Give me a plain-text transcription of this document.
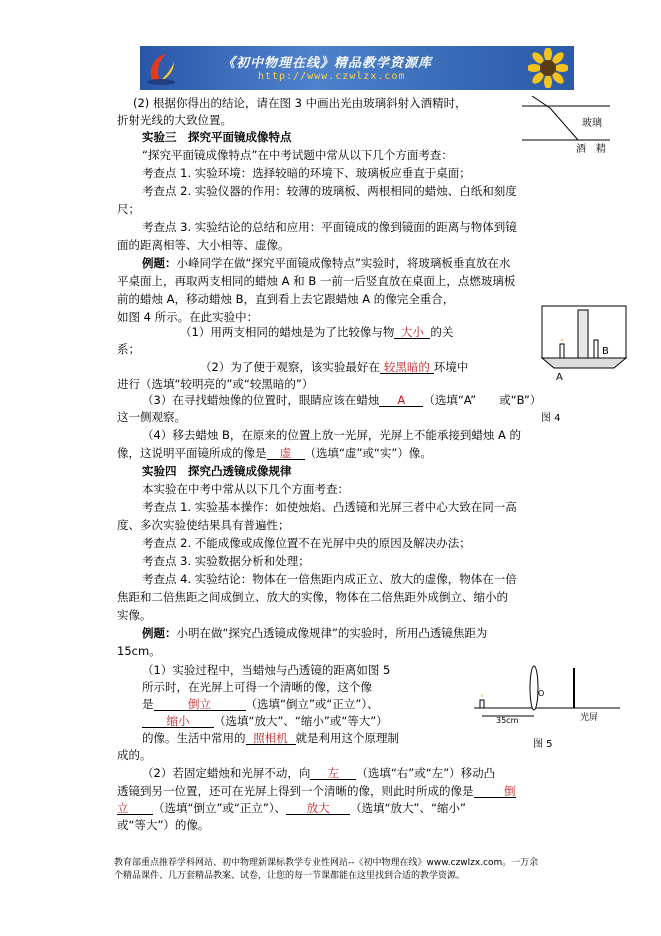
《初中物理在线》精品教学资源库
http://www.czwlzx.com
(2) 根据你得出的结论，请在图 3 中画出光由玻璃斜射入酒精时，
折射光线的大致位置。
实验三　探究平面镜成像特点
“探究平面镜成像特点”在中考试题中常从以下几个方面考查：
考查点 1. 实验环境：选择较暗的环境下、玻璃板应垂直于桌面；
考查点 2. 实验仪器的作用：较薄的玻璃板、两根相同的蜡烛、白纸和刻度
尺；
考查点 3. 实验结论的总结和应用：平面镜成的像到镜面的距离与物体到镜
面的距离相等、大小相等、虚像。
例题：小峰同学在做“探究平面镜成像特点”实验时，将玻璃板垂直放在水
平桌面上，再取两支相同的蜡烛 A 和 B 一前一后竖直放在桌面上，点燃玻璃板
前的蜡烛 A，移动蜡烛 B，直到看上去它跟蜡烛 A 的像完全重合，
如图 4 所示。在此实验中：
（1）用两支相同的蜡烛是为了比较像与物 大小 的关
系；
（2）为了便于观察，该实验最好在 较黑暗的 环境中
进行（选填“较明亮的”或“较黑暗的”）
（3）在寻找蜡烛像的位置时，眼睛应该在蜡烛 A （选填“A”　　或“B”）
这一侧观察。
（4）移去蜡烛 B，在原来的位置上放一光屏，光屏上不能承接到蜡烛 A 的
像，这说明平面镜所成的像是 虚 （选填“虚”或“实”）像。
实验四　探究凸透镜成像规律
本实验在中考中常从以下几个方面考查：
考查点 1. 实验基本操作：如使烛焰、凸透镜和光屏三者中心大致在同一高
度、多次实验使结果具有普遍性；
考查点 2. 不能成像或成像位置不在光屏中央的原因及解决办法；
考查点 3. 实验数据分析和处理；
考查点 4. 实验结论：物体在一倍焦距内成正立、放大的虚像，物体在一倍
焦距和二倍焦距之间成倒立、放大的实像，物体在二倍焦距外成倒立、缩小的
实像。
例题：小明在做“探究凸透镜成像规律”的实验时，所用凸透镜焦距为
15cm。
（1）实验过程中，当蜡烛与凸透镜的距离如图 5
所示时，在光屏上可得一个清晰的像，这个像
是	倒立	（选填“倒立”或“正立”）、
缩小 （选填“放大”、“缩小”或“等大”）
的像。生活中常用的 照相机 就是利用这个原理制
成的。
（2）若固定蜡烛和光屏不动，向 左 （选填“右”或“左”）移动凸
透镜到另一位置，还可在光屏上得到一个清晰的像，则此时所成的像是	倒
立 （选填“倒立”或“正立”）、 放大 （选填“放大”、“缩小”
或“等大”）的像。
玻璃
酒　精
A
B
图 4
35cm
O
光屏
图 5
教育部重点推荐学科网站、初中物理新课标教学专业性网站--《初中物理在线》www.czwlzx.com。一万余
个精品课件、几万套精品教案、试卷，让您的每一节课都能在这里找到合适的教学资源。
